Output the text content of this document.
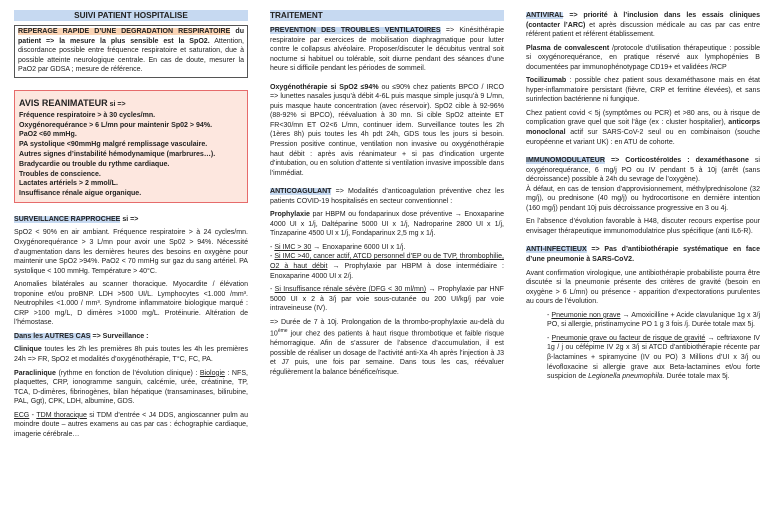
SUIVI PATIENT HOSPITALISE

REPERAGE RAPIDE D’UNE DEGRADATION RESPIRATOIRE du patient => la mesure la plus sensible est la SpO2. Attention, discordance possible entre fréquence respiratoire et saturation, due à possible atteinte neurologique centrale. En cas de doute, mesurer la PaO2 par GDSA ; mesure de référence.

AVIS REANIMATEUR si =>

Fréquence respiratoire > à 30 cycles/mn.

Oxygénorequérance > 6 L/mn pour maintenir Sp02 > 94%.

PaO2 <60 mmHg.

PA systolique <90mmHg malgré remplissage vasculaire.

Autres signes d’instabilité hémodynamique (marbrures…).

Bradycardie ou trouble du rythme cardiaque.

Troubles de conscience.

Lactates artériels > 2 mmol/L.

Insuffisance rénale aigue organique.

SURVEILLANCE RAPPROCHEE si =>

SpO2 < 90% en air ambiant. Fréquence respiratoire > à 24 cycles/mn. Oxygénorequérance > 3 L/mn pour avoir une Sp02 > 94%. Nécessité d’augmentation dans les dernières heures des besoins en oxygène pour maintenir une SpO2 >94%. PaO2 < 70 mmHg sur gaz du sang artériel. PA systolique < 100 mmHg. Température > 40°C.

Anomalies bilatérales au scanner thoracique. Myocardite / élévation troponine et/ou proBNP. LDH >500 UI/L. Lymphocytes <1.000 /mm³. Neutrophiles <1.000 / mm³. Syndrome inflammatoire biologique marqué : CRP >100 mg/L, D dimères >1000 mg/L. Protéinurie. Altération de l’hémostase.

Dans les AUTRES CAS => Surveillance :

Clinique toutes les 2h les premières 8h puis toutes les 4h les premières 24h => FR, SpO2 et modalités d’oxygénothérapie, T°C, FC, PA.

Paraclinique (rythme en fonction de l’évolution clinique) : Biologie : NFS, plaquettes, CRP, ionogramme sanguin, calcémie, urée, créatinine, TP, TCA, D-dimères, fibrinogènes, bilan hépatique (transaminases, bilirubine, PAL, Ggt), CPK, LDH, albumine, GDS.

ECG - TDM thoracique si TDM d’entrée < J4 DDS, angioscanner pulm au moindre doute – autres examens au cas par cas : échographie cardiaque, imagerie cérébrale…

TRAITEMENT

PREVENTION DES TROUBLES VENTILATOIRES => Kinésithérapie respiratoire par exercices de mobilisation diaphragmatique pour lutter contre le collapsus alvéolaire. Proposer/discuter le décubitus ventral soit nocturne si habituel ou tolérable, soit diurne pendant des séances d’une heure si difficile pendant les périodes de sommeil.

Oxygénothérapie si SpO2 ≤94% ou ≤90% chez patients BPCO / IRCO => lunettes nasales jusqu’à débit 4-6L puis masque simple jusqu’à 9 L/mn, puis masque haute concentration (avec réservoir). SpO2 cible à 92-96% (88-92% si BPCO), réévaluation à 30 mn. Si cible SpO2 atteinte ET FR<30/mn ET O2<6 L/mn, continuer idem. Surveillance toutes les 2h (1ères 8h) puis toutes les 4h pdt 24h, GDS tous les jours si besoin. Pression positive continue, ventilation non invasive ou oxygénothérapie haut débit : après avis réanimateur + si pas d’indication urgente d’intubation, ou en solution d’attente si ventilation invasive impossible dans l’immédiat.

ANTICOAGULANT => Modalités d’anticoagulation préventive chez les patients COVID-19 hospitalisés en secteur conventionnel :

Prophylaxie par HBPM ou fondaparinux dose préventive → Enoxaparine 4000 UI x 1/j, Daltéparine 5000 UI x 1/j, Nadroparine 2800 UI x 1/j, Tinzaparine 4500 UI x 1/j, Fondaparinux 2,5 mg x 1/j.

- Si IMC > 30 → Enoxaparine 6000 UI x 1/j.

- Si IMC >40, cancer actif, ATCD personnel d’EP ou de TVP, thrombophilie, O2 à haut débit → Prophylaxie par HBPM à dose intermédiaire : Enoxaparine 4000 UI x 2/j.

- Si Insuffisance rénale sévère (DFG < 30 ml/mn) → Prophylaxie par HNF 5000 UI x 2 à 3/j par voie sous-cutanée ou 200 UI/kg/j par voie intraveineuse (IV).

=> Durée de 7 à 10j. Prolongation de la thrombo-prophylaxie au-delà du 10ème jour chez des patients à haut risque thrombotique et faible risque hémorragique. Afin de s’assurer de l’absence d’accumulation, il est possible de réaliser un dosage de l’activité anti-Xa 4h après l’injection à J3 et J7 puis, une fois par semaine. Dans tous les cas, réévaluer régulièrement la balance bénéfice/risque.

ANTIVIRAL => priorité à l’inclusion dans les essais cliniques (contacter l’ARC) et après discussion médicale au cas par cas entre référent patient et référent établissement.

Plasma de convalescent /protocole d’utilisation thérapeutique : possible si oxygénorequérance, en pratique réservé aux lymphopénies B documentées par immunophénotypage CD19+ et validées /RCP

Tocilizumab : possible chez patient sous dexaméthasone mais en état hyper-inflammatoire persistant (fièvre, CRP et ferritine élevées), et sans surinfection bactérienne ni fungique.

Chez patient covid < 5j (symptômes ou PCR) et >80 ans, ou à risque de complication grave quel que soit l’âge (ex : cluster hospitalier), anticorps monoclonal actif sur SARS-CoV-2 seul ou en combinaison (souche européenne et variant UK) : en ATU de cohorte.

IMMUNOMODULATEUR => Corticostéroïdes : dexaméthasone si oxygénorequérance, 6 mg/j PO ou IV pendant 5 à 10j (arrêt (sans décroissance) possible à 24h du sevrage de l’oxygène).

À défaut, en cas de tension d’approvisionnement, méthylprednisolone (32 mg/j), ou prednisone (40 mg/j) ou hydrocortisone en dernière intention (160 mg/j) pendant 10j puis décroissance progressive en 3 ou 4j.

En l’absence d’évolution favorable à H48, discuter recours expertise pour envisager thérapeutique immunomodulatrice plus spécifique (anti IL6-R).

ANTI-INFECTIEUX => Pas d’antibiothérapie systématique en face d’une pneumonie à SARS-CoV2.

Avant confirmation virologique, une antibiothérapie probabiliste pourra être discutée si la pneumonie présente des critères de gravité (besoin en oxygène > 6 L/mn) ou présence - apparition d’expectorations purulentes au cours de l’évolution.

- Pneumonie non grave → Amoxicilline + Acide clavulanique 1g x 3/j PO, si allergie, pristinamycine PO 1 g 3 fois /j. Durée totale max 5j.

- Pneumonie grave ou facteur de risque de gravité → ceftriaxone IV 1g / j ou céfépime IV 2g x 3/j si ATCD d’antibiothérapie récente par β-lactamines + spiramycine (IV ou PO) 3 Millions d’UI x 3/j ou lévofloxacine si allergie grave aux Beta-lactamines et/ou forte suspicion de Legionella pneumophila. Durée totale max 5j.
